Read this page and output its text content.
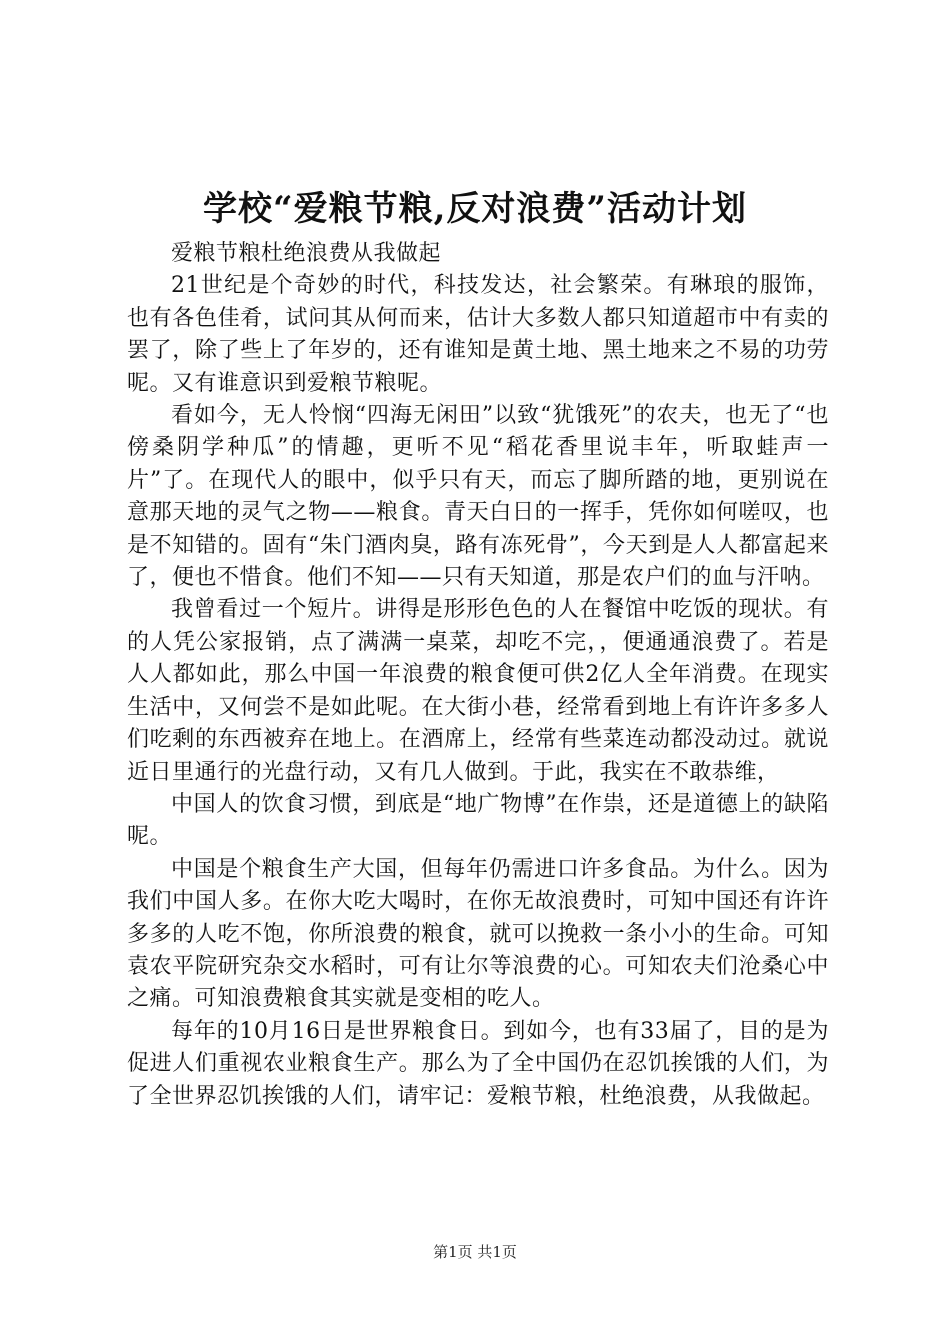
学校“爱粮节粮,反对浪费”活动计划

爱粮节粮杜绝浪费从我做起

21世纪是个奇妙的时代，科技发达，社会繁荣。有琳琅的服饰，也有各色佳肴，试问其从何而来，估计大多数人都只知道超市中有卖的罢了，除了些上了年岁的，还有谁知是黄土地、黑土地来之不易的功劳呢。又有谁意识到爱粮节粮呢。

看如今，无人怜悯“四海无闲田”以致“犹饿死”的农夫，也无了“也傍桑阴学种瓜”的情趣，更听不见“稻花香里说丰年，听取蛙声一片”了。在现代人的眼中，似乎只有天，而忘了脚所踏的地，更别说在意那天地的灵气之物——粮食。青天白日的一挥手，凭你如何嗟叹，也是不知错的。固有“朱门酒肉臭，路有冻死骨”，今天到是人人都富起来了，便也不惜食。他们不知——只有天知道，那是农户们的血与汗呐。

我曾看过一个短片。讲得是形形色色的人在餐馆中吃饭的现状。有的人凭公家报销，点了满满一桌菜，却吃不完，，便通通浪费了。若是人人都如此，那么中国一年浪费的粮食便可供2亿人全年消费。在现实生活中，又何尝不是如此呢。在大街小巷，经常看到地上有许许多多人们吃剩的东西被弃在地上。在酒席上，经常有些菜连动都没动过。就说近日里通行的光盘行动，又有几人做到。于此，我实在不敢恭维，

中国人的饮食习惯，到底是“地广物博”在作祟，还是道德上的缺陷呢。

中国是个粮食生产大国，但每年仍需进口许多食品。为什么。因为我们中国人多。在你大吃大喝时，在你无故浪费时，可知中国还有许许多多的人吃不饱，你所浪费的粮食，就可以挽救一条小小的生命。可知袁农平院研究杂交水稻时，可有让尔等浪费的心。可知农夫们沧桑心中之痛。可知浪费粮食其实就是变相的吃人。

每年的10月16日是世界粮食日。到如今，也有33届了，目的是为促进人们重视农业粮食生产。那么为了全中国仍在忍饥挨饿的人们，为了全世界忍饥挨饿的人们，请牢记：爱粮节粮，杜绝浪费，从我做起。

第1页 共1页
